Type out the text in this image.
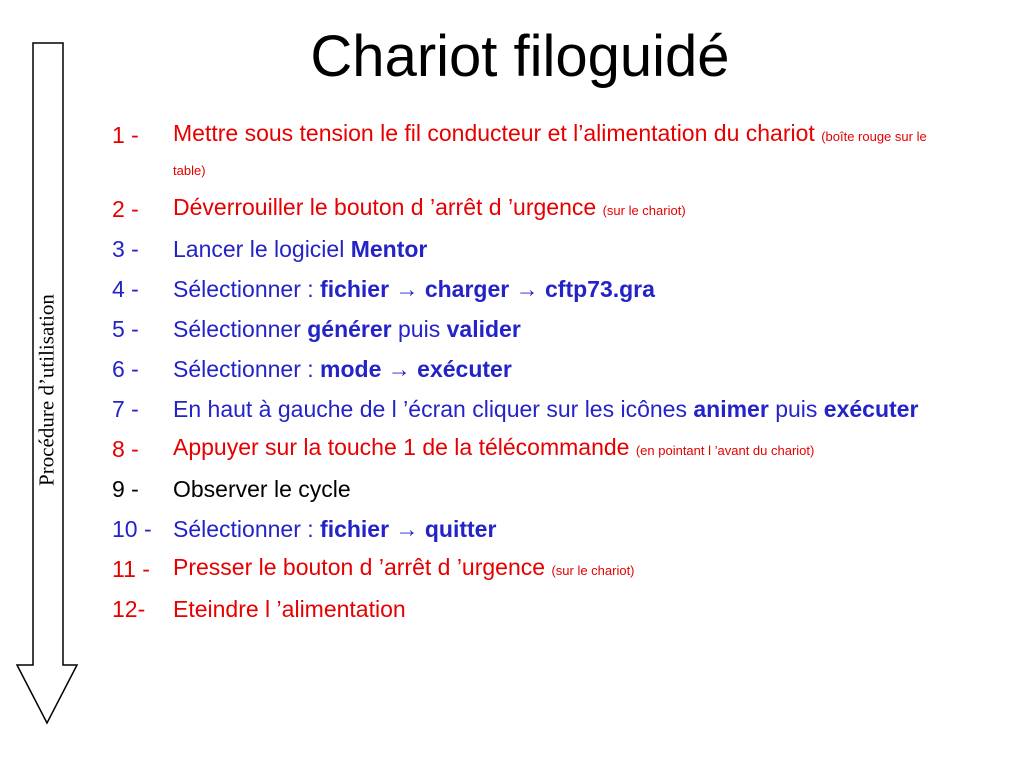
Procédure d’utilisation
Chariot filoguidé
1 -	Mettre sous tension le fil conducteur et l’alimentation du chariot (boîte rouge sur le table)
2 -	Déverrouiller le bouton d ’arrêt d ’urgence (sur le chariot)
3 -	Lancer le logiciel Mentor
4 -	Sélectionner : fichier → charger → cftp73.gra
5 -	Sélectionner générer puis valider
6 -	Sélectionner : mode → exécuter
7 -	En haut à gauche de l ’écran cliquer sur les icônes animer puis exécuter
8 -	Appuyer sur la touche 1 de la télécommande (en pointant l ’avant du chariot)
9 -	Observer le cycle
10 - Sélectionner : fichier → quitter
11 -	Presser le bouton d ’arrêt d ’urgence (sur le chariot)
12-	Eteindre l ’alimentation
